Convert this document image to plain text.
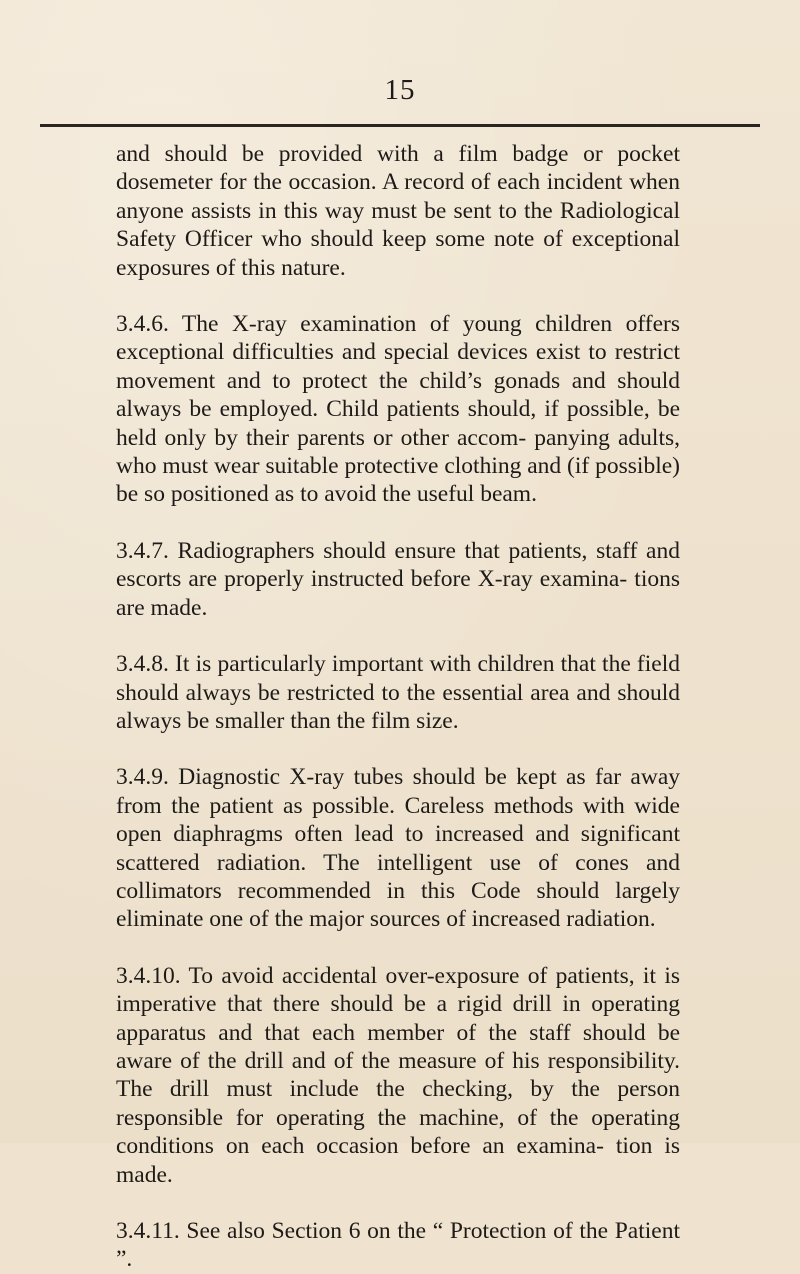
15

and should be provided with a film badge or pocket dosemeter for the occasion. A record of each incident when anyone assists in this way must be sent to the Radiological Safety Officer who should keep some note of exceptional exposures of this nature.

3.4.6. The X-ray examination of young children offers exceptional difficulties and special devices exist to restrict movement and to protect the child’s gonads and should always be employed. Child patients should, if possible, be held only by their parents or other accom- panying adults, who must wear suitable protective clothing and (if possible) be so positioned as to avoid the useful beam.

3.4.7. Radiographers should ensure that patients, staff and escorts are properly instructed before X-ray examina- tions are made.

3.4.8. It is particularly important with children that the field should always be restricted to the essential area and should always be smaller than the film size.

3.4.9. Diagnostic X-ray tubes should be kept as far away from the patient as possible. Careless methods with wide open diaphragms often lead to increased and significant scattered radiation. The intelligent use of cones and collimators recommended in this Code should largely eliminate one of the major sources of increased radiation.

3.4.10. To avoid accidental over-exposure of patients, it is imperative that there should be a rigid drill in operating apparatus and that each member of the staff should be aware of the drill and of the measure of his responsibility. The drill must include the checking, by the person responsible for operating the machine, of the operating conditions on each occasion before an examina- tion is made.

3.4.11. See also Section 6 on the “ Protection of the Patient ”.
